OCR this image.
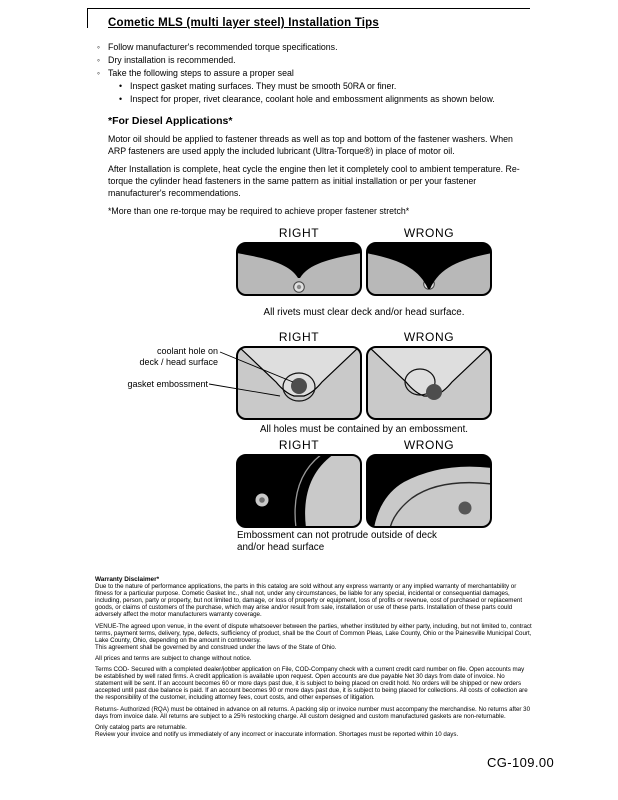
Cometic MLS (multi layer steel) Installation Tips
◦ Follow manufacturer's recommended torque specifications.
◦ Dry installation is recommended.
◦ Take the following steps to assure a proper seal
• Inspect gasket mating surfaces. They must be smooth 50RA or finer.
• Inspect for proper, rivet clearance, coolant hole and embossment alignments as shown below.
*For Diesel Applications*
Motor oil should be applied to fastener threads as well as top and bottom of the fastener washers. When ARP fasteners are used apply the included lubricant (Ultra-Torque®) in place of motor oil.
After Installation is complete, heat cycle the engine then let it completely cool to ambient temperature. Re-torque the cylinder head fasteners in the same pattern as initial installation or per your fastener manufacturer's recommendations.
*More than one re-torque may be required to achieve proper fastener stretch*
RIGHT	WRONG
All rivets must clear deck and/or head surface.
RIGHT	WRONG
coolant hole on
deck / head surface
gasket embossment
All holes must be contained by an embossment.
RIGHT	WRONG
Embossment can not protrude outside of deck
and/or head surface

Warranty Disclaimer*

Due to the nature of performance applications, the parts in this catalog are sold without any express warranty or any implied warranty of merchantability or fitness for a particular purpose. Cometic Gasket Inc., shall not, under any circumstances, be liable for any special, incidental or consequential damages, including, person, party or property, but not limited to, damage, or loss of property or equipment, loss of profits or revenue, cost of purchased or replacement goods, or claims of customers of the purchase, which may arise and/or result from sale, installation or use of these parts. Installation of these parts could adversely affect the motor manufacturers warranty coverage.

VENUE-The agreed upon venue, in the event of dispute whatsoever between the parties, whether instituted by either party, including, but not limited to, contract terms, payment terms, delivery, type, defects, sufficiency of product, shall be the Court of Common Pleas, Lake County, Ohio or the Painesville Municipal Court, Lake County, Ohio, depending on the amount in controversy.

This agreement shall be governed by and construed under the laws of the State of Ohio.

All prices and terms are subject to change without notice.

Terms COD- Secured with a completed dealer/jobber application on File, COD-Company check with a current credit card number on file. Open accounts may be established by well rated firms. A credit application is available upon request. Open accounts are due payable Net 30 days from date of invoice. No statement will be sent. If an account becomes 60 or more days past due, it is subject to being placed on credit hold. No orders will be shipped or new orders accepted until past due balance is paid. If an account becomes 90 or more days past due, it is subject to being placed for collections. All costs of collection are the responsibility of the customer, including attorney fees, court costs, and other expenses of litigation.

Returns- Authorized (RQA) must be obtained in advance on all returns. A packing slip or invoice number must accompany the merchandise. No returns after 30 days from invoice date. All returns are subject to a 25% restocking charge. All custom designed and custom manufactured gaskets are non-returnable.

Only catalog parts are returnable.

Review your invoice and notify us immediately of any incorrect or inaccurate information. Shortages must be reported within 10 days.

CG-109.00
